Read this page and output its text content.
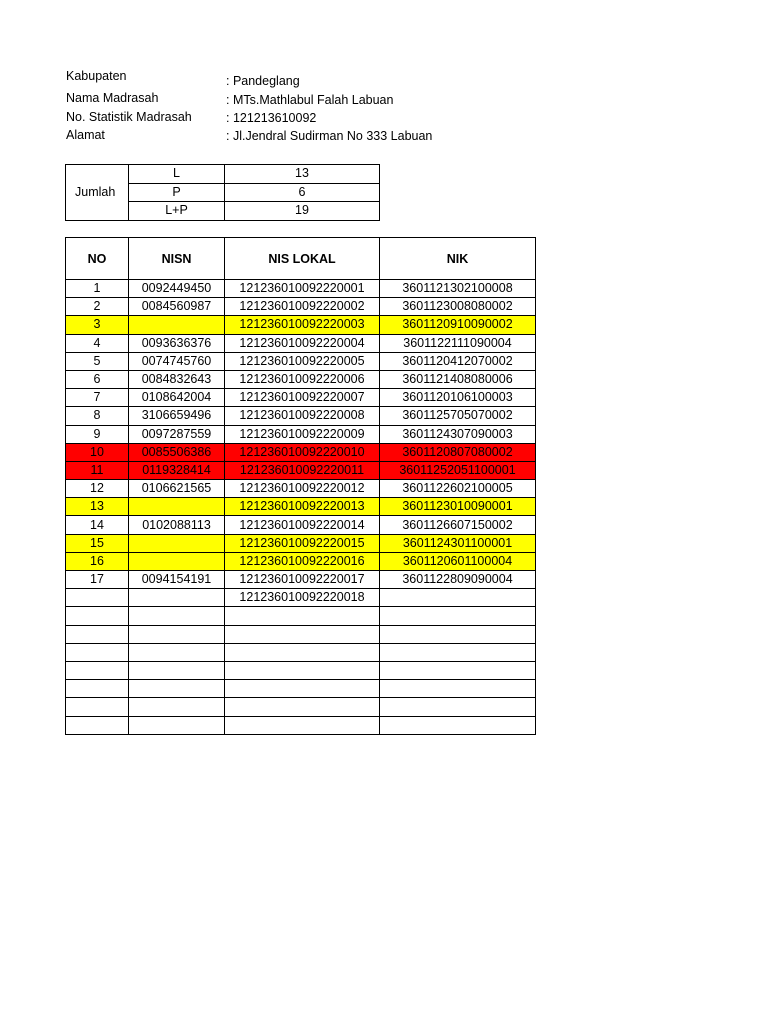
Kabupaten	: Pandeglang
Nama Madrasah	: MTs.Mathlabul Falah Labuan
No. Statistik Madrasah	: 121213610092
Alamat	: Jl.Jendral Sudirman No 333 Labuan
Jumlah	L	13
	P	6
	L+P	19
NO	NISN	NIS LOKAL	NIK
1	0092449450	121236010092220001	3601121302100008
2	0084560987	121236010092220002	3601123008080002
3		121236010092220003	3601120910090002
4	0093636376	121236010092220004	3601122111090004
5	0074745760	121236010092220005	3601120412070002
6	0084832643	121236010092220006	3601121408080006
7	0108642004	121236010092220007	3601120106100003
8	3106659496	121236010092220008	3601125705070002
9	0097287559	121236010092220009	3601124307090003
10	0085506386	121236010092220010	3601120807080002
11	0119328414	121236010092220011	36011252051100001
12	0106621565	121236010092220012	3601122602100005
13		121236010092220013	3601123010090001
14	0102088113	121236010092220014	3601126607150002
15		121236010092220015	3601124301100001
16		121236010092220016	3601120601100004
17	0094154191	121236010092220017	3601122809090004
		121236010092220018	
